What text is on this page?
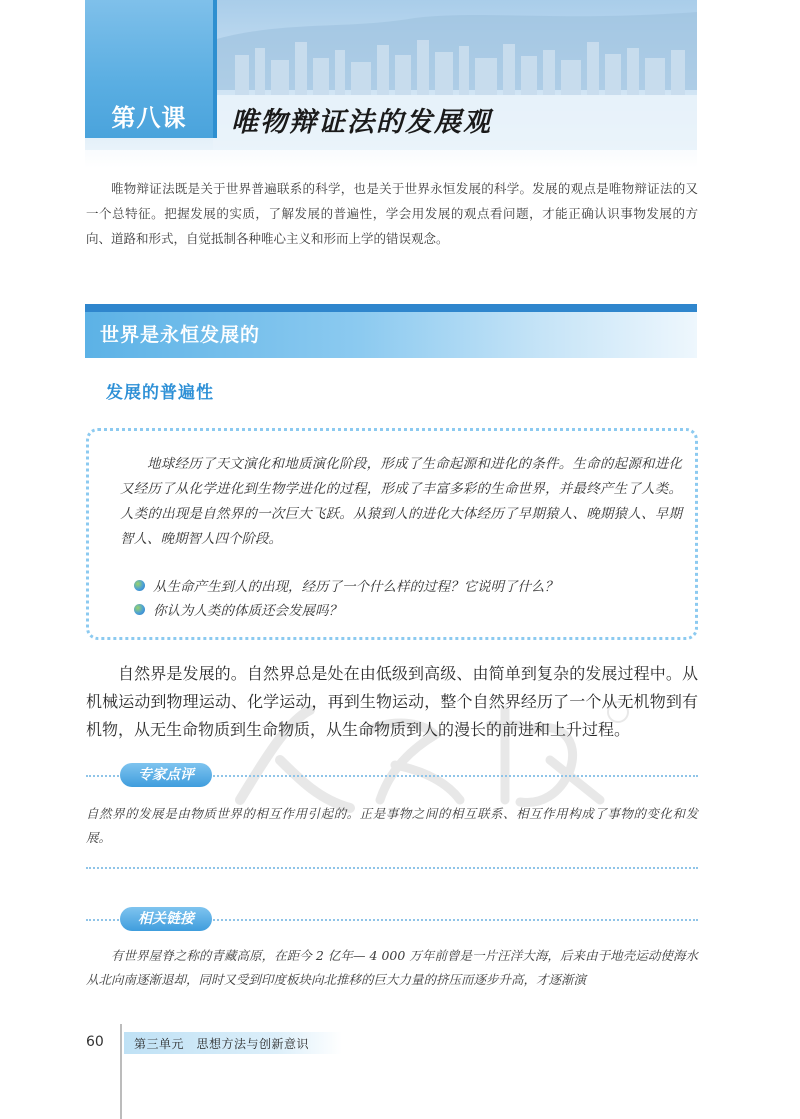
第八课	唯物辩证法的发展观

唯物辩证法既是关于世界普遍联系的科学，也是关于世界永恒发展的科学。发展的观点是唯物辩证法的又一个总特征。把握发展的实质，了解发展的普遍性，学会用发展的观点看问题，才能正确认识事物发展的方向、道路和形式，自觉抵制各种唯心主义和形而上学的错误观念。

世界是永恒发展的
发展的普遍性

地球经历了天文演化和地质演化阶段，形成了生命起源和进化的条件。生命的起源和进化又经历了从化学进化到生物学进化的过程，形成了丰富多彩的生命世界，并最终产生了人类。人类的出现是自然界的一次巨大飞跃。从猿到人的进化大体经历了早期猿人、晚期猿人、早期智人、晚期智人四个阶段。

从生命产生到人的出现，经历了一个什么样的过程？它说明了什么？
你认为人类的体质还会发展吗？

自然界是发展的。自然界总是处在由低级到高级、由简单到复杂的发展过程中。从机械运动到物理运动、化学运动，再到生物运动，整个自然界经历了一个从无机物到有机物，从无生命物质到生命物质，从生命物质到人的漫长的前进和上升过程。

专家点评

自然界的发展是由物质世界的相互作用引起的。正是事物之间的相互联系、相互作用构成了事物的变化和发展。

相关链接

有世界屋脊之称的青藏高原，在距今 2 亿年— 4 000 万年前曾是一片汪洋大海，后来由于地壳运动使海水从北向南逐渐退却，同时又受到印度板块向北推移的巨大力量的挤压而逐步升高，才逐渐演

60	第三单元　思想方法与创新意识
